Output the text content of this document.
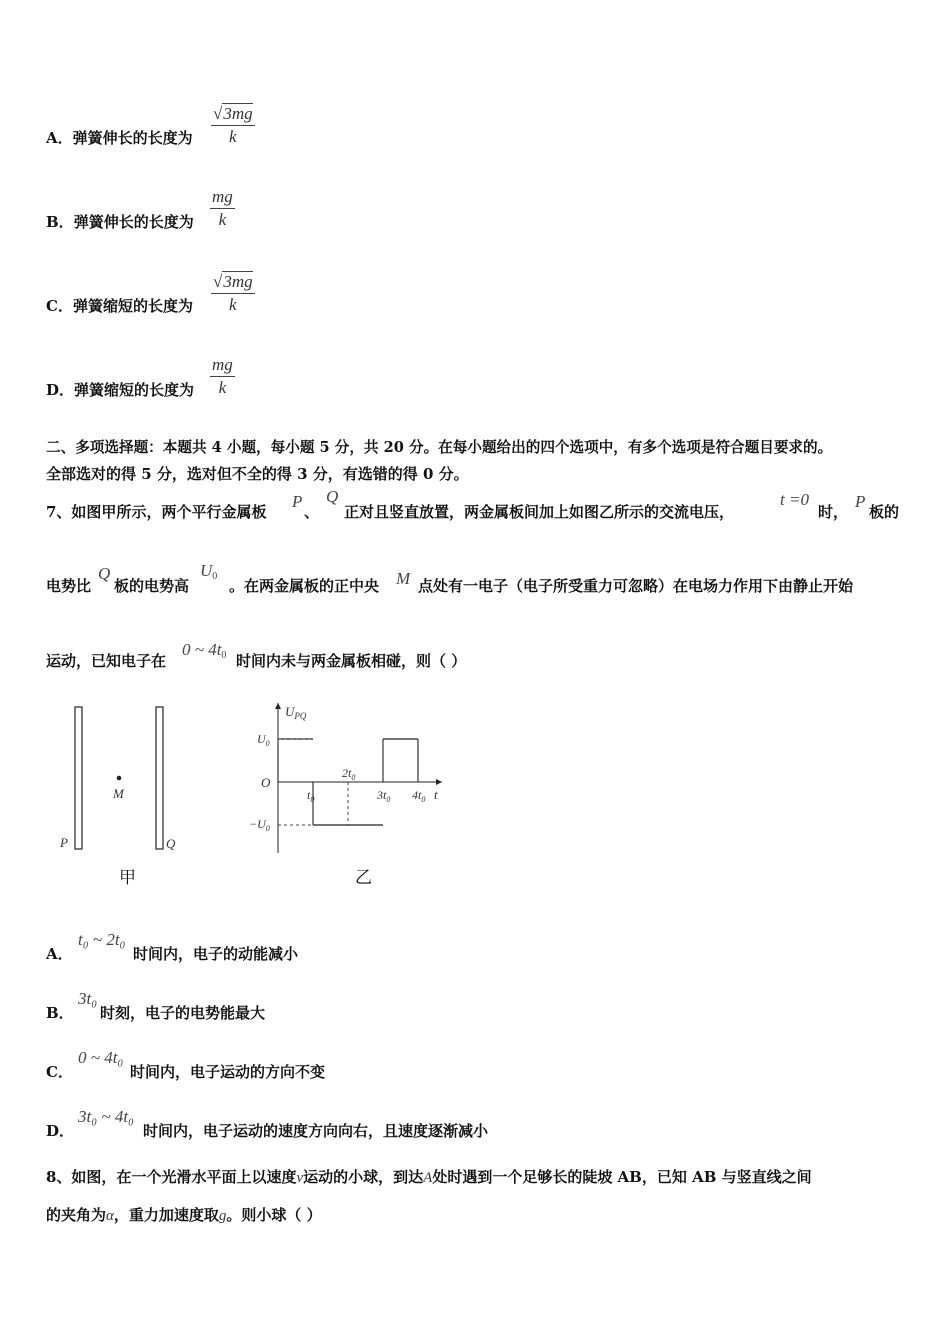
A．弹簧伸长的长度为
√3mg
k
B．弹簧伸长的长度为
mg
k
C．弹簧缩短的长度为
√3mg
k
D．弹簧缩短的长度为
mg
k
二、多项选择题：本题共 4 小题，每小题 5 分，共 20 分。在每小题给出的四个选项中，有多个选项是符合题目要求的。
全部选对的得 5 分，选对但不全的得 3 分，有选错的得 0 分。
7、如图甲所示，两个平行金属板
P
、
Q
正对且竖直放置，两金属板间加上如图乙所示的交流电压，
t =0
时，
P
板的
电势比
Q
板的电势高
$U_0$
。在两金属板的正中央 M 点处有一电子（电子所受重力可忽略）在电场力作用下由静止开始
运动，已知电子在
0 ~ $4t_0$ 时间内未与两金属板相碰，则（ ）
P	Q
M
甲
$U_{PQ}$
t
O
$U_0$
$-U_0$
$t_0$
$2t_0$
$3t_0$ $4t_0$
乙
A．
t₀ ~ 2t₀
时间内，电子的动能减小
B．
3t₀
时刻，电子的电势能最大
C．
0 ~ 4t₀
时间内，电子运动的方向不变
D．
3t₀ ~ 4t₀
时间内，电子运动的速度方向向右，且速度逐渐减小
8、如图，在一个光滑水平面上以速度v运动的小球，到达A处时遇到一个足够长的陡坡 AB，已知 AB 与竖直线之间
的夹角为α，重力加速度取g。则小球（ ）
